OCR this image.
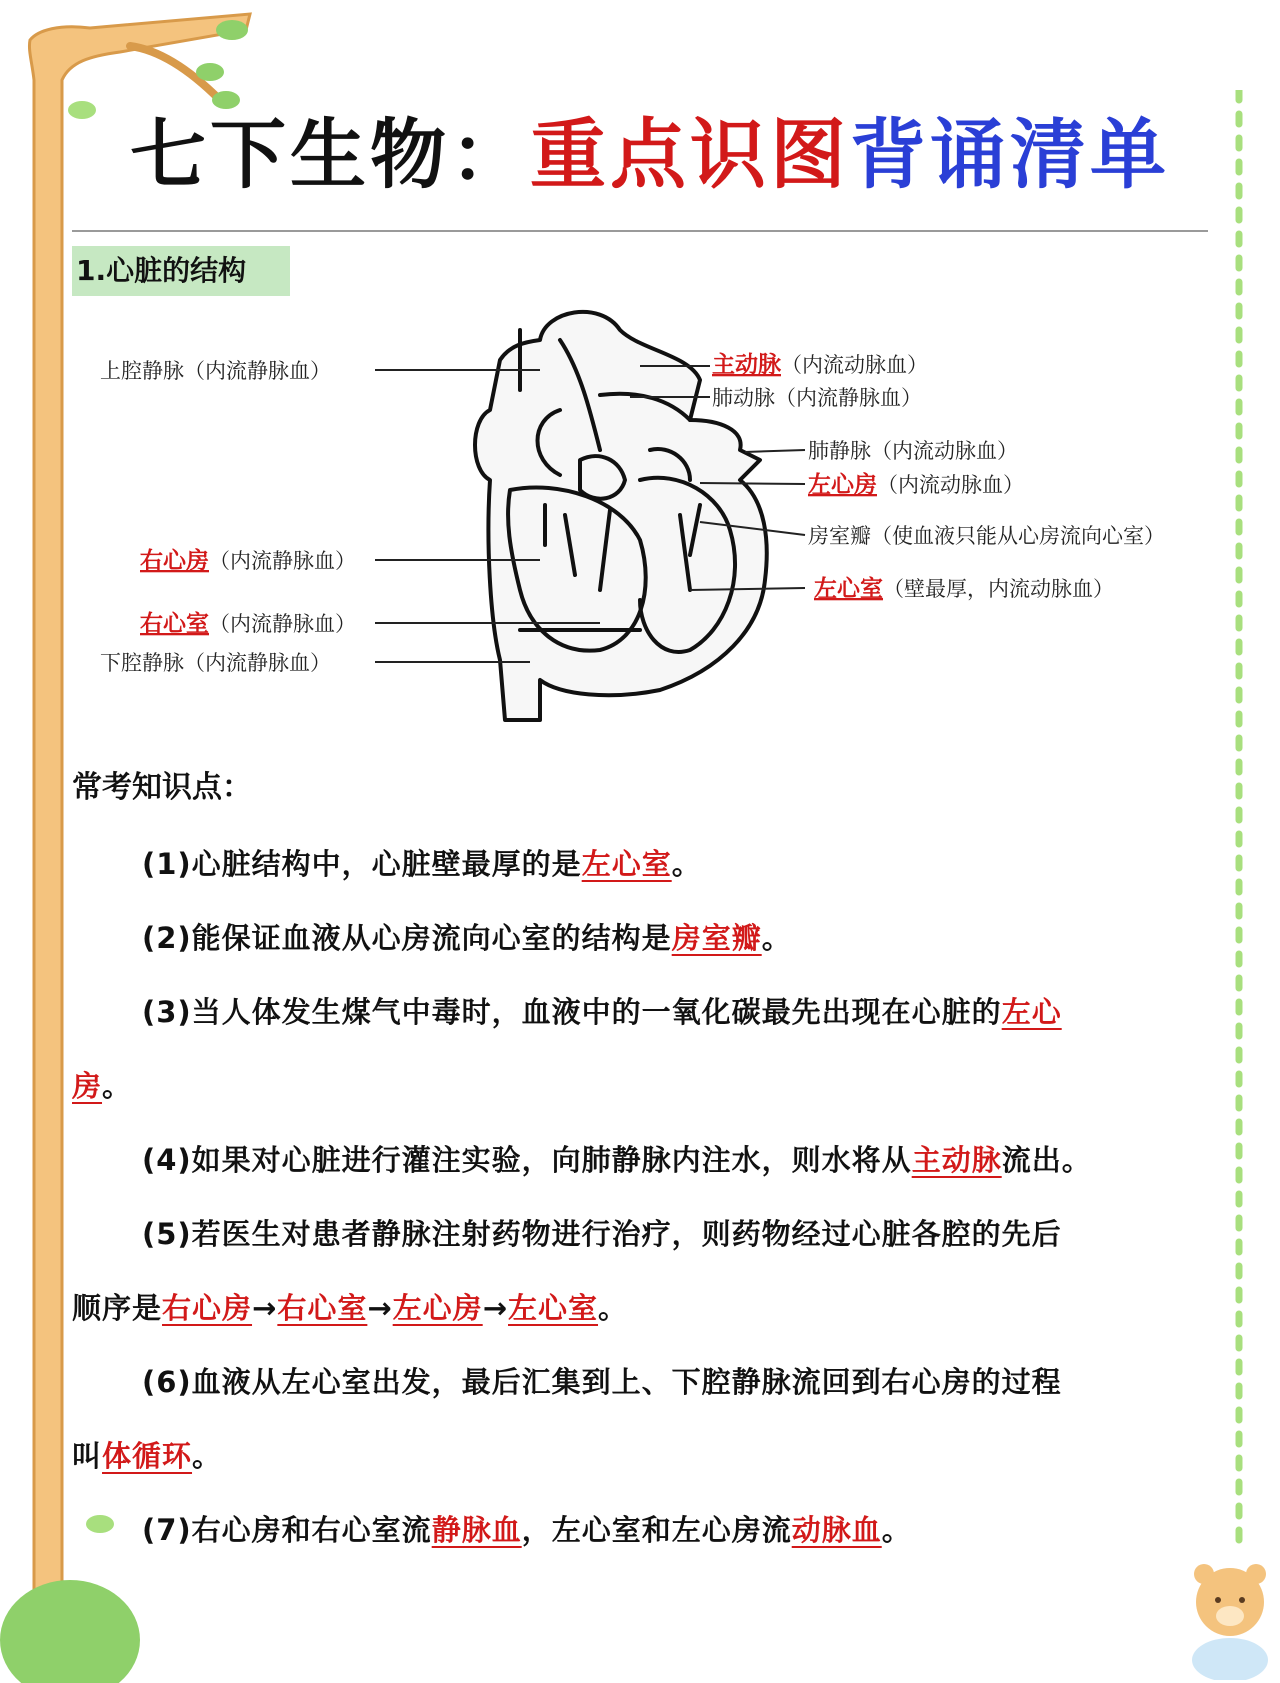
七下生物：重点识图背诵清单
1.心脏的结构
上腔静脉（内流静脉血）
右心房（内流静脉血）
右心室（内流静脉血）
下腔静脉（内流静脉血）
主动脉（内流动脉血）
肺动脉（内流静脉血）
肺静脉（内流动脉血）
左心房（内流动脉血）
房室瓣（使血液只能从心房流向心室）
左心室（壁最厚，内流动脉血）
常考知识点：
(1)心脏结构中，心脏壁最厚的是左心室。
(2)能保证血液从心房流向心室的结构是房室瓣。
(3)当人体发生煤气中毒时，血液中的一氧化碳最先出现在心脏的左心
房。
(4)如果对心脏进行灌注实验，向肺静脉内注水，则水将从主动脉流出。
(5)若医生对患者静脉注射药物进行治疗，则药物经过心脏各腔的先后
顺序是右心房→右心室→左心房→左心室。
(6)血液从左心室出发，最后汇集到上、下腔静脉流回到右心房的过程
叫体循环。
(7)右心房和右心室流静脉血，左心室和左心房流动脉血。
